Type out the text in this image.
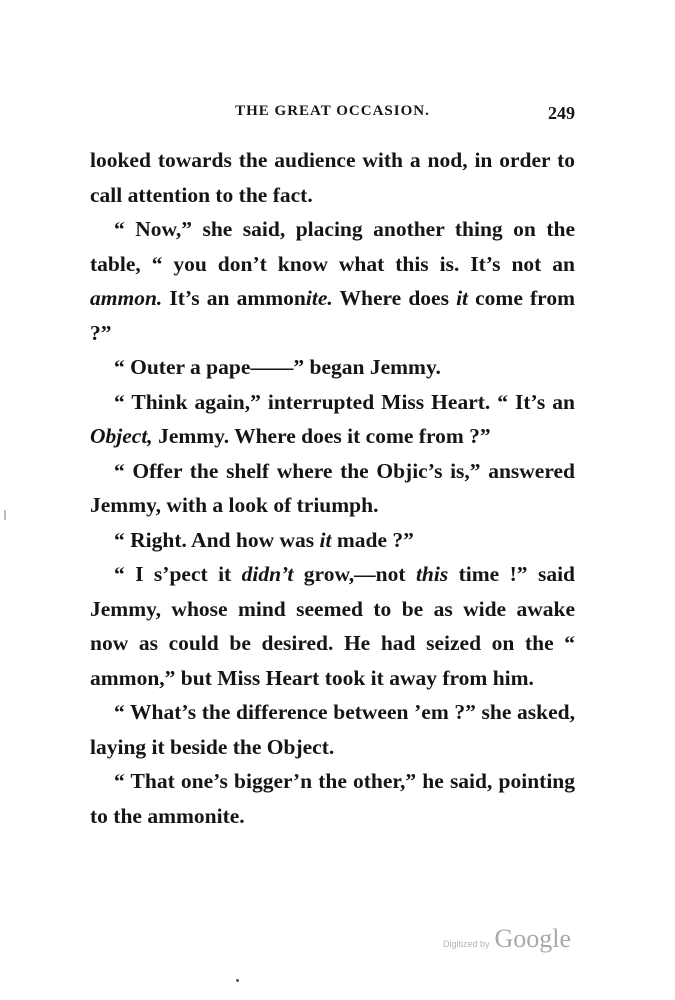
THE GREAT OCCASION.	249

looked towards the audience with a nod, in order to call attention to the fact.

“ Now,” she said, placing another thing on the table, “ you don’t know what this is. It’s not an ammon. It’s an ammonite. Where does it come from ?”

“ Outer a pape——” began Jemmy.

“ Think again,” interrupted Miss Heart. “ It’s an Object, Jemmy. Where does it come from ?”

“ Offer the shelf where the Objic’s is,” answered Jemmy, with a look of triumph.

“ Right. And how was it made ?”

“ I s’pect it didn’t grow,—not this time !” said Jemmy, whose mind seemed to be as wide awake now as could be desired. He had seized on the “ ammon,” but Miss Heart took it away from him.

“ What’s the difference between ’em ?” she asked, laying it beside the Object.

“ That one’s bigger’n the other,” he said, pointing to the ammonite.

Digitized by Google
